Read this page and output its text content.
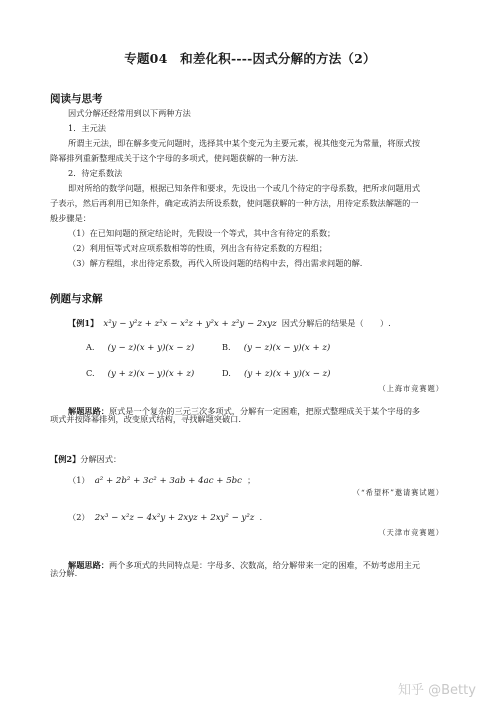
专题04　和差化积----因式分解的方法（2）
阅读与思考
因式分解还经常用到以下两种方法
1．主元法
所谓主元法，即在解多变元问题时，选择其中某个变元为主要元素，视其他变元为常量，将原式按
降幂排列重新整理成关于这个字母的多项式，使问题获解的一种方法.
2．待定系数法
即对所给的数学问题，根据已知条件和要求，先设出一个或几个待定的字母系数，把所求问题用式
子表示，然后再利用已知条件，确定或消去所设系数，使问题获解的一种方法，用待定系数法解题的一
般步骤是：
（1）在已知问题的预定结论时，先假设一个等式，其中含有待定的系数；
（2）利用恒等式对应项系数相等的性质，列出含有待定系数的方程组；
（3）解方程组，求出待定系数，再代入所设问题的结构中去，得出需求问题的解.
例题与求解
【例1】 x²y − y²z + z²x − x²z + y²x + z²y − 2xyz 因式分解后的结果是（　　）.
A. (y − z)(x + y)(x − z)	B. (y − z)(x − y)(x + z)
C. (y + z)(x − y)(x + z)	D. (y + z)(x + y)(x − z)
（上海市竞赛题）
解题思路：原式是一个复杂的三元三次多项式，分解有一定困难，把原式整理成关于某个字母的多
项式并按降幂排列，改变原式结构，寻找解题突破口.
【例2】分解因式：
（1） a² + 2b² + 3c² + 3ab + 4ac + 5bc ；
（“希望杯”邀请赛试题）
（2） 2x³ − x²z − 4x²y + 2xyz + 2xy² − y²z .
（天津市竞赛题）
解题思路：两个多项式的共同特点是：字母多、次数高，给分解带来一定的困难，不妨考虑用主元
法分解.
知乎 @Betty
